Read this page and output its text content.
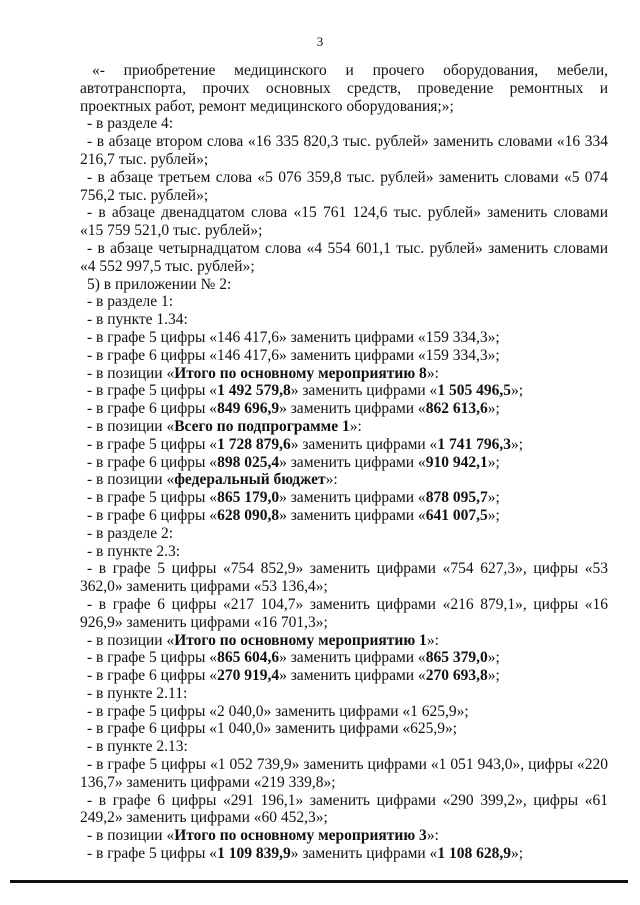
3

«- приобретение медицинского и прочего оборудования, мебели, автотранспорта, прочих основных средств, проведение ремонтных и проектных работ, ремонт медицинского оборудования;»;

- в разделе 4:

- в абзаце втором слова «16 335 820,3 тыс. рублей» заменить словами «16 334 216,7 тыс. рублей»;

- в абзаце третьем слова «5 076 359,8 тыс. рублей» заменить словами «5 074 756,2 тыс. рублей»;

- в абзаце двенадцатом слова «15 761 124,6 тыс. рублей» заменить словами «15 759 521,0 тыс. рублей»;

- в абзаце четырнадцатом слова «4 554 601,1 тыс. рублей» заменить словами «4 552 997,5 тыс. рублей»;

5) в приложении № 2:

- в разделе 1:

- в пункте 1.34:

- в графе 5 цифры «146 417,6» заменить цифрами «159 334,3»;

- в графе 6 цифры «146 417,6» заменить цифрами «159 334,3»;

- в позиции «Итого по основному мероприятию 8»:

- в графе 5 цифры «1 492 579,8» заменить цифрами «1 505 496,5»;

- в графе 6 цифры «849 696,9» заменить цифрами «862 613,6»;

- в позиции «Всего по подпрограмме 1»:

- в графе 5 цифры «1 728 879,6» заменить цифрами «1 741 796,3»;

- в графе 6 цифры «898 025,4» заменить цифрами «910 942,1»;

- в позиции «федеральный бюджет»:

- в графе 5 цифры «865 179,0» заменить цифрами «878 095,7»;

- в графе 6 цифры «628 090,8» заменить цифрами «641 007,5»;

- в разделе 2:

- в пункте 2.3:

- в графе 5 цифры «754 852,9» заменить цифрами «754 627,3», цифры «53 362,0» заменить цифрами «53 136,4»;

- в графе 6 цифры «217 104,7» заменить цифрами «216 879,1», цифры «16 926,9» заменить цифрами «16 701,3»;

- в позиции «Итого по основному мероприятию 1»:

- в графе 5 цифры «865 604,6» заменить цифрами «865 379,0»;

- в графе 6 цифры «270 919,4» заменить цифрами «270 693,8»;

- в пункте 2.11:

- в графе 5 цифры «2 040,0» заменить цифрами «1 625,9»;

- в графе 6 цифры «1 040,0» заменить цифрами «625,9»;

- в пункте 2.13:

- в графе 5 цифры «1 052 739,9» заменить цифрами «1 051 943,0», цифры «220 136,7» заменить цифрами «219 339,8»;

- в графе 6 цифры «291 196,1» заменить цифрами «290 399,2», цифры «61 249,2» заменить цифрами «60 452,3»;

- в позиции «Итого по основному мероприятию 3»:

- в графе 5 цифры «1 109 839,9» заменить цифрами «1 108 628,9»;
